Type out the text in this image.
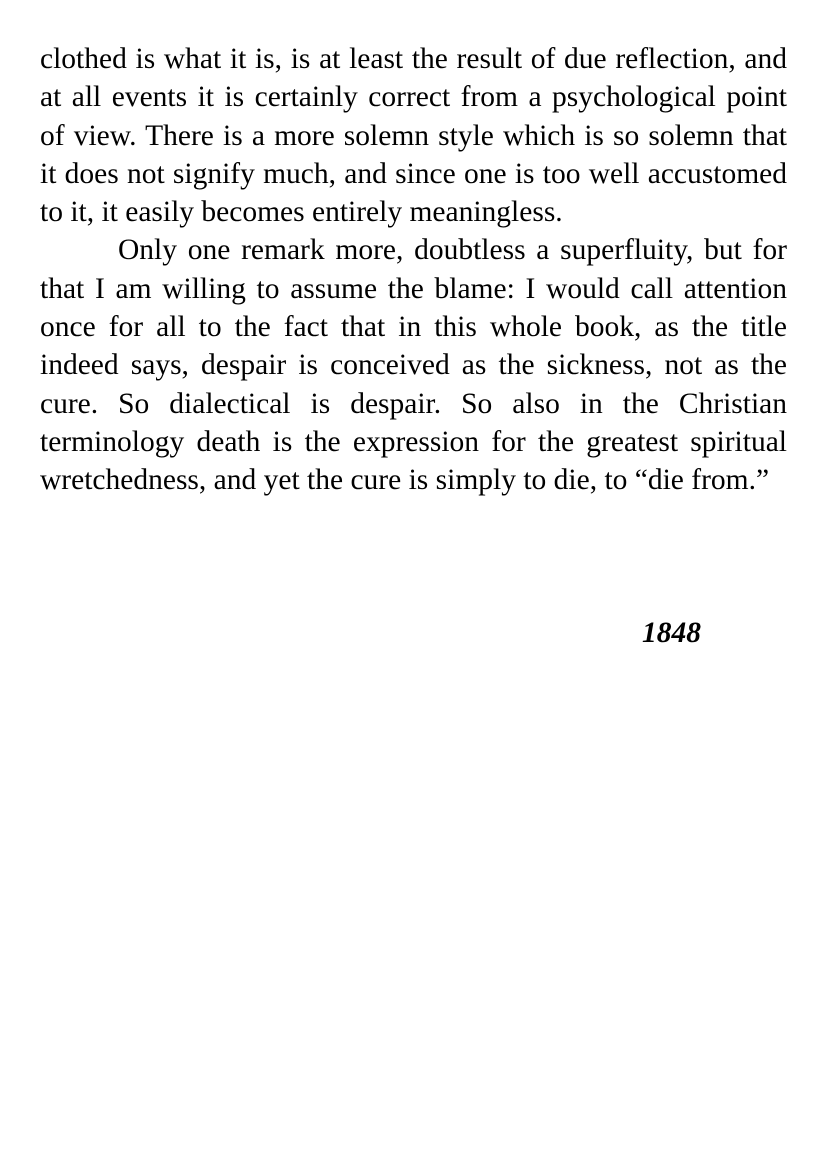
clothed is what it is, is at least the result of due reflection, and at all events it is certainly correct from a psychological point of view. There is a more solemn style which is so solemn that it does not signify much, and since one is too well accustomed to it, it easily becomes entirely meaningless.

Only one remark more, doubtless a superfluity, but for that I am willing to assume the blame: I would call attention once for all to the fact that in this whole book, as the title indeed says, despair is conceived as the sickness, not as the cure. So dialectical is despair. So also in the Christian terminology death is the expression for the greatest spiritual wretchedness, and yet the cure is simply to die, to “die from.”

1848
